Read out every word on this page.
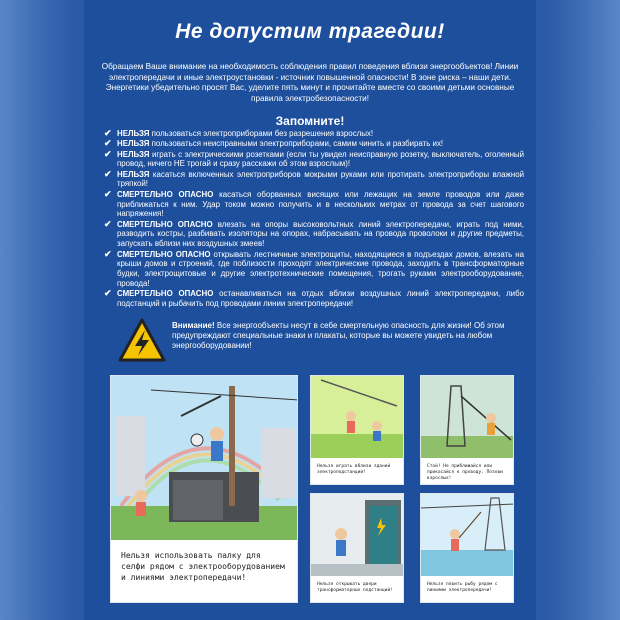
Не допустим трагедии!
Обращаем Ваше внимание на необходимость соблюдения правил поведения вблизи энергообъектов! Линии электропередачи и иные электроустановки - источник повышенной опасности! В зоне риска – наши дети. Энергетики убедительно просят Вас, уделите пять минут и прочитайте вместе со своими детьми основные правила электробезопасности!
Запомните!
✔ НЕЛЬЗЯ пользоваться электроприборами без разрешения взрослых!
✔ НЕЛЬЗЯ пользоваться неисправными электроприборами, самим чинить и разбирать их!
✔ НЕЛЬЗЯ играть с электрическими розетками (если ты увидел неисправную розетку, выключатель, оголенный провод, ничего НЕ трогай и сразу расскажи об этом взрослым)!
✔ НЕЛЬЗЯ касаться включенных электроприборов мокрыми руками или протирать электроприборы влажной тряпкой!
✔ СМЕРТЕЛЬНО ОПАСНО касаться оборванных висящих или лежащих на земле проводов или даже приближаться к ним. Удар током можно получить и в нескольких метрах от провода за счет шагового напряжения!
✔ СМЕРТЕЛЬНО ОПАСНО влезать на опоры высоковольтных линий электропередачи, играть под ними, разводить костры, разбивать изоляторы на опорах, набрасывать на провода проволоки и другие предметы, запускать вблизи них воздушных змеев!
✔ СМЕРТЕЛЬНО ОПАСНО открывать лестничные электрощиты, находящиеся в подъездах домов, влезать на крыши домов и строений, где поблизости проходят электрические провода, заходить в трансформаторные будки, электрощитовые и другие электротехнические помещения, трогать руками электрооборудование, провода!
✔ СМЕРТЕЛЬНО ОПАСНО останавливаться на отдых вблизи воздушных линий электропередачи, либо подстанций и рыбачить под проводами линии электропередачи!
Внимание! Все энергообъекты несут в себе смертельную опасность для жизни! Об этом предупреждают специальные знаки и плакаты, которые вы можете увидеть на любом энергооборудовании!
Нельзя использовать палку для селфи рядом с электрооборудованием и линиями электропередачи!
Нельзя играть вблизи зданий электроподстанций!
Стой! Не приближайся или прикасайся к проводу. Позови взрослых!
Нельзя открывать двери трансформаторных подстанций!
Нельзя ловить рыбу рядом с линиями электропередачи!
